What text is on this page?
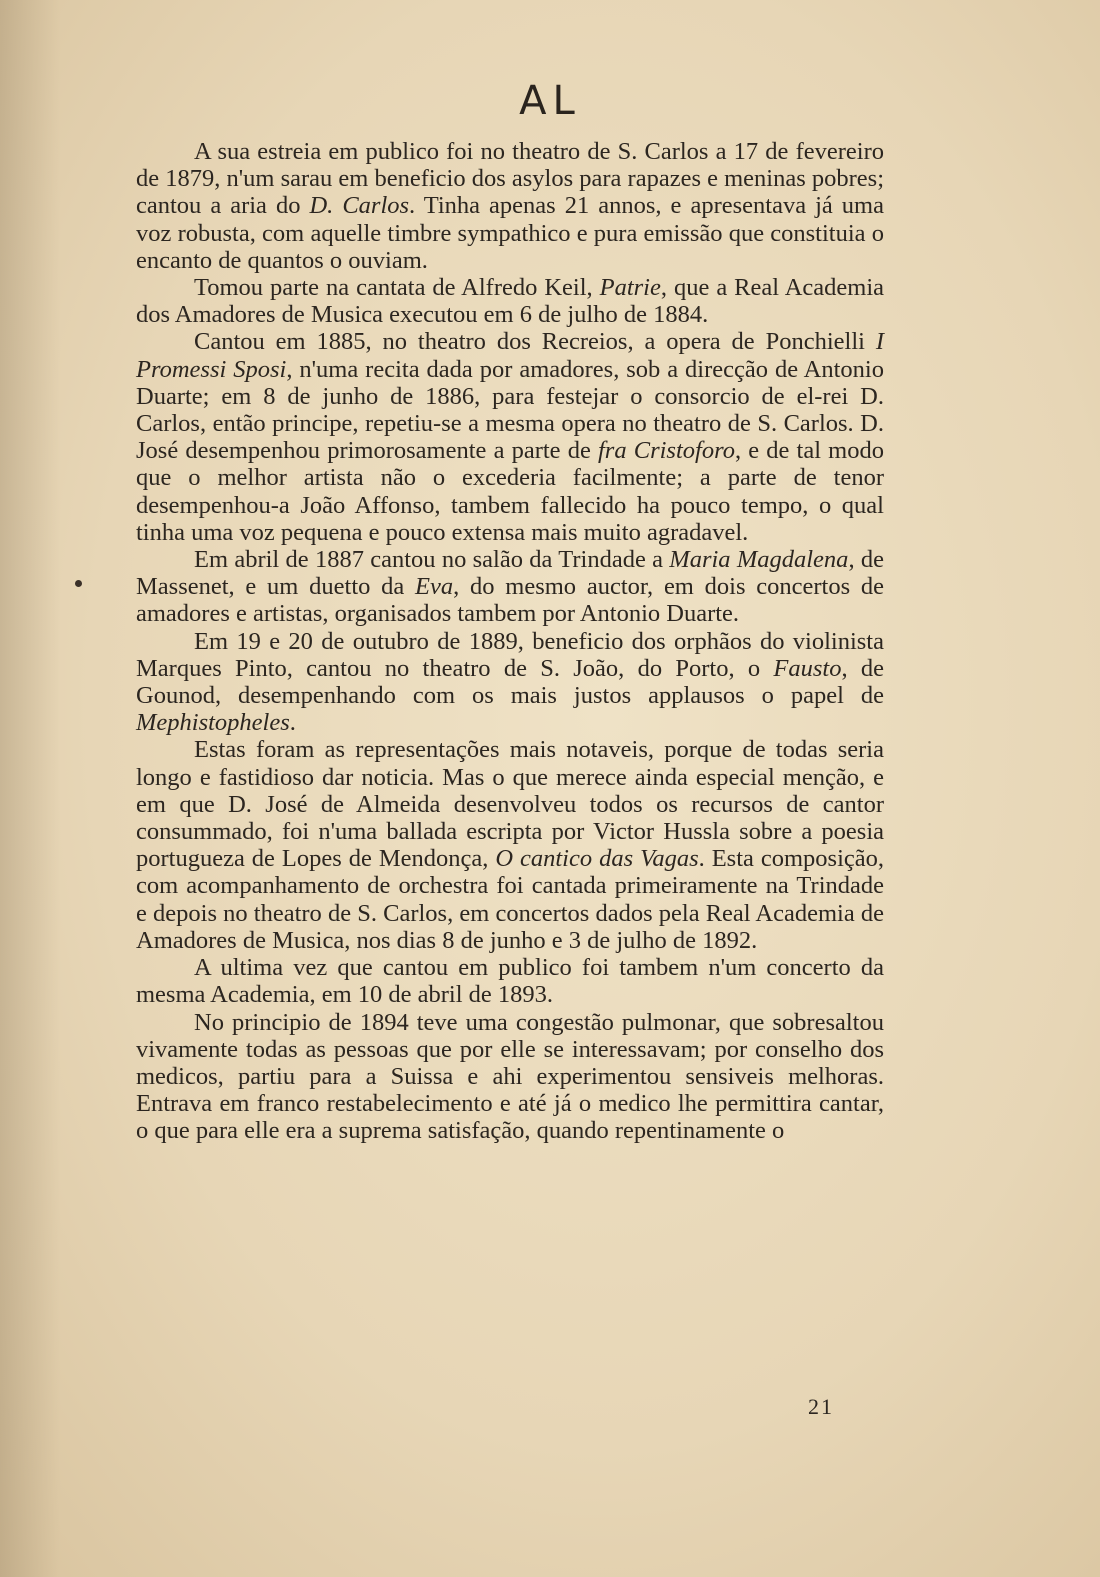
AL

A sua estreia em publico foi no theatro de S. Carlos a 17 de fevereiro de 1879, n'um sarau em beneficio dos asylos para rapazes e meninas pobres; cantou a aria do D. Carlos. Tinha apenas 21 annos, e apresentava já uma voz robusta, com aquelle timbre sympathico e pura emissão que constituia o encanto de quantos o ouviam.

Tomou parte na cantata de Alfredo Keil, Patrie, que a Real Academia dos Amadores de Musica executou em 6 de julho de 1884.

Cantou em 1885, no theatro dos Recreios, a opera de Ponchielli I Promessi Sposi, n'uma recita dada por amadores, sob a direcção de Antonio Duarte; em 8 de junho de 1886, para festejar o consorcio de el-rei D. Carlos, então principe, repetiu-se a mesma opera no theatro de S. Carlos. D. José desempenhou primorosamente a parte de fra Cristoforo, e de tal modo que o melhor artista não o excederia facilmente; a parte de tenor desempenhou-a João Affonso, tambem fallecido ha pouco tempo, o qual tinha uma voz pequena e pouco extensa mais muito agradavel.

Em abril de 1887 cantou no salão da Trindade a Maria Magdalena, de Massenet, e um duetto da Eva, do mesmo auctor, em dois concertos de amadores e artistas, organisados tambem por Antonio Duarte.

Em 19 e 20 de outubro de 1889, beneficio dos orphãos do violinista Marques Pinto, cantou no theatro de S. João, do Porto, o Fausto, de Gounod, desempenhando com os mais justos applausos o papel de Mephistopheles.

Estas foram as representações mais notaveis, porque de todas seria longo e fastidioso dar noticia. Mas o que merece ainda especial menção, e em que D. José de Almeida desenvolveu todos os recursos de cantor consummado, foi n'uma ballada escripta por Victor Hussla sobre a poesia portugueza de Lopes de Mendonça, O cantico das Vagas. Esta composição, com acompanhamento de orchestra foi cantada primeiramente na Trindade e depois no theatro de S. Carlos, em concertos dados pela Real Academia de Amadores de Musica, nos dias 8 de junho e 3 de julho de 1892.

A ultima vez que cantou em publico foi tambem n'um concerto da mesma Academia, em 10 de abril de 1893.

No principio de 1894 teve uma congestão pulmonar, que sobresaltou vivamente todas as pessoas que por elle se interessavam; por conselho dos medicos, partiu para a Suissa e ahi experimentou sensiveis melhoras. Entrava em franco restabelecimento e até já o medico lhe permittira cantar, o que para elle era a suprema satisfação, quando repentinamente o

21
